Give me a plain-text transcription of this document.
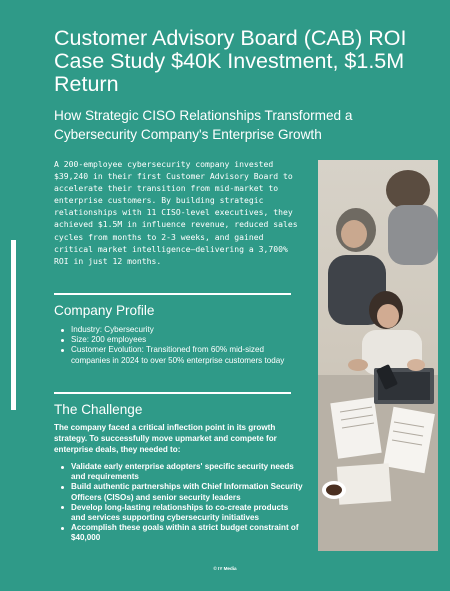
Customer Advisory Board (CAB) ROI Case Study $40K Investment, $1.5M Return

How Strategic CISO Relationships Transformed a Cybersecurity Company's Enterprise Growth

A 200-employee cybersecurity company invested $39,240 in their first Customer Advisory Board to accelerate their transition from mid-market to enterprise customers. By building strategic relationships with 11 CISO-level executives, they achieved $1.5M in influence revenue, reduced sales cycles from months to 2-3 weeks, and gained critical market intelligence—delivering a 3,700% ROI in just 12 months.

Company Profile
Industry: Cybersecurity
Size: 200 employees
Customer Evolution: Transitioned from 60% mid-sized companies in 2024 to over 50% enterprise customers today
The Challenge

The company faced a critical inflection point in its growth strategy. To successfully move upmarket and compete for enterprise deals, they needed to:

Validate early enterprise adopters' specific security needs and requirements
Build authentic partnerships with Chief Information Security Officers (CISOs) and senior security leaders
Develop long-lasting relationships to co-create products and services supporting cybersecurity initiatives
Accomplish these goals within a strict budget constraint of $40,000
© IY Media
